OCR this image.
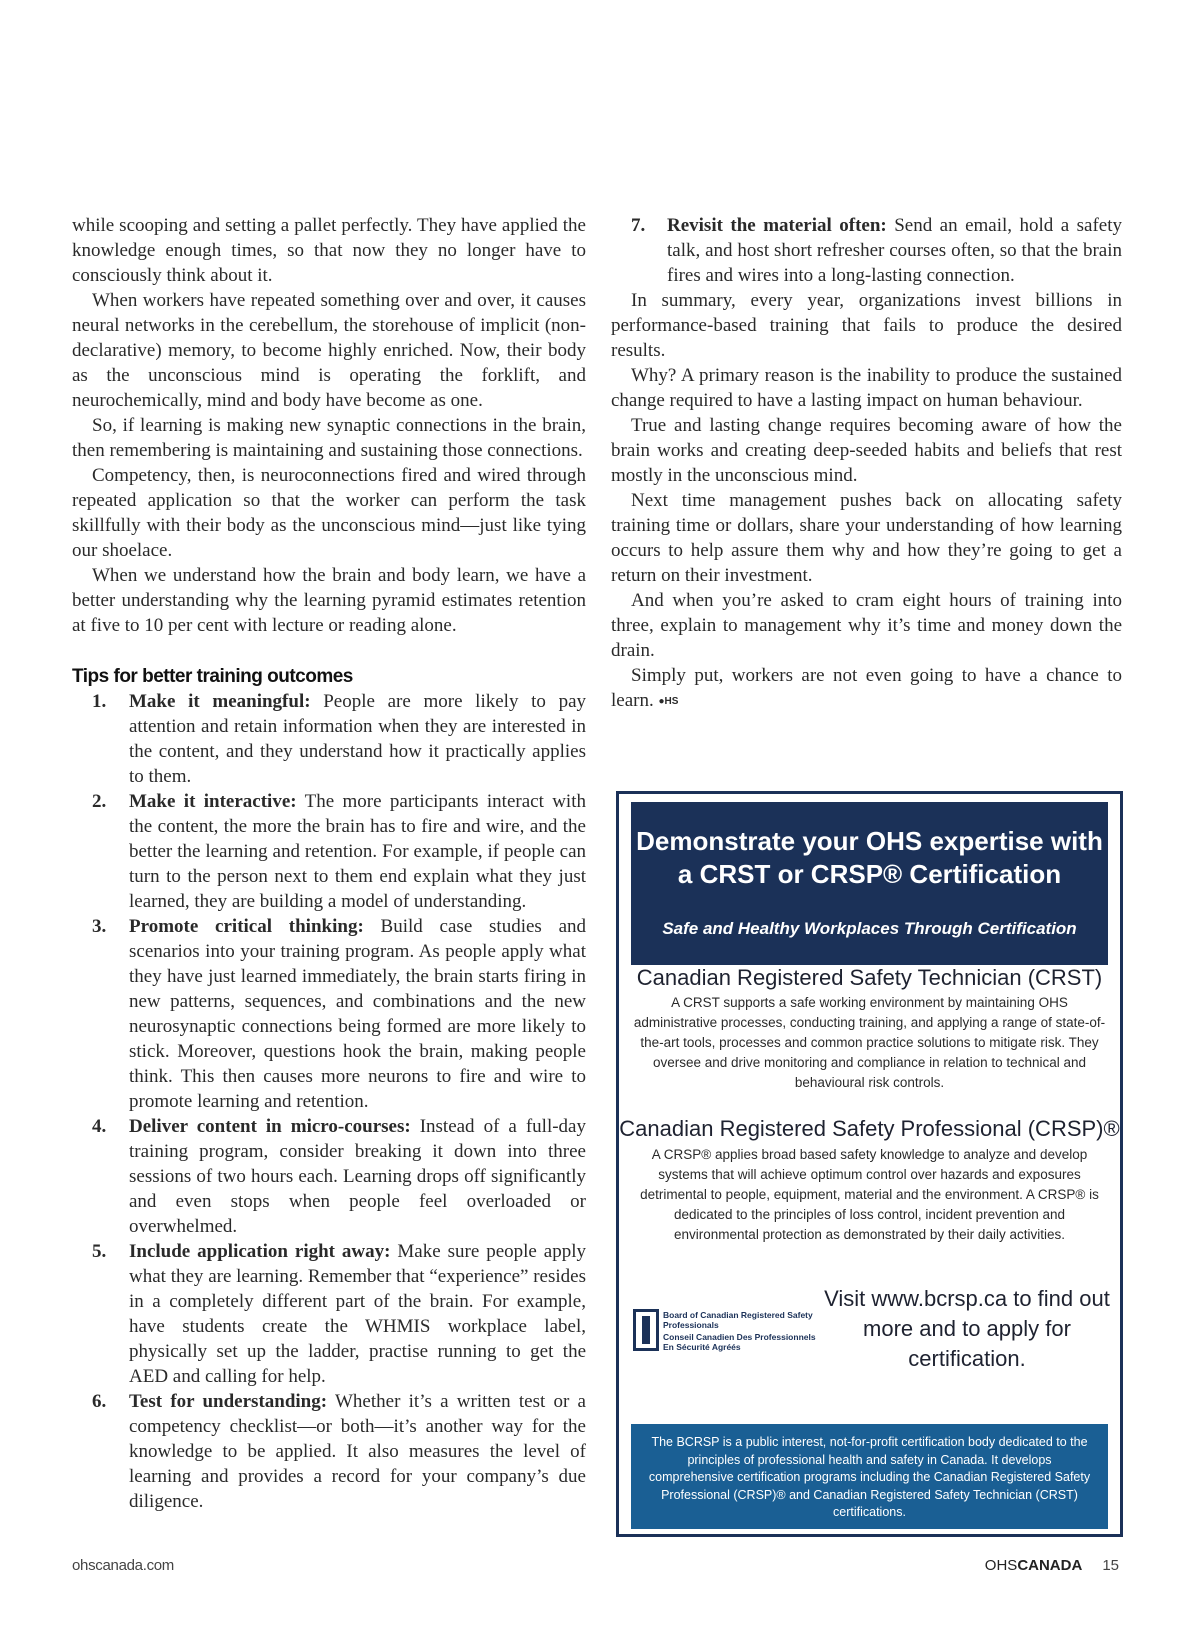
while scooping and setting a pallet perfectly. They have applied the knowledge enough times, so that now they no longer have to consciously think about it.

When workers have repeated something over and over, it causes neural networks in the cerebellum, the storehouse of implicit (non-declarative) memory, to become highly enriched. Now, their body as the unconscious mind is operating the forklift, and neurochemically, mind and body have become as one.

So, if learning is making new synaptic connections in the brain, then remembering is maintaining and sustaining those connections.

Competency, then, is neuroconnections fired and wired through repeated application so that the worker can perform the task skillfully with their body as the unconscious mind—just like tying our shoelace.

When we understand how the brain and body learn, we have a better understanding why the learning pyramid estimates retention at five to 10 per cent with lecture or reading alone.

Tips for better training outcomes
1. Make it meaningful: People are more likely to pay attention and retain information when they are interested in the content, and they understand how it practically applies to them.
2. Make it interactive: The more participants interact with the content, the more the brain has to fire and wire, and the better the learning and retention. For example, if people can turn to the person next to them end explain what they just learned, they are building a model of understanding.
3. Promote critical thinking: Build case studies and scenarios into your training program. As people apply what they have just learned immediately, the brain starts firing in new patterns, sequences, and combinations and the new neurosynaptic connections being formed are more likely to stick. Moreover, questions hook the brain, making people think. This then causes more neurons to fire and wire to promote learning and retention.
4. Deliver content in micro-courses: Instead of a full-day training program, consider breaking it down into three sessions of two hours each. Learning drops off significantly and even stops when people feel overloaded or overwhelmed.
5. Include application right away: Make sure people apply what they are learning. Remember that “experience” resides in a completely different part of the brain. For example, have students create the WHMIS workplace label, physically set up the ladder, practise running to get the AED and calling for help.
6. Test for understanding: Whether it’s a written test or a competency checklist—or both—it’s another way for the knowledge to be applied. It also measures the level of learning and provides a record for your company’s due diligence.
7. Revisit the material often: Send an email, hold a safety talk, and host short refresher courses often, so that the brain fires and wires into a long-lasting connection.

In summary, every year, organizations invest billions in performance-based training that fails to produce the desired results.

Why? A primary reason is the inability to produce the sustained change required to have a lasting impact on human behaviour.

True and lasting change requires becoming aware of how the brain works and creating deep-seeded habits and beliefs that rest mostly in the unconscious mind.

Next time management pushes back on allocating safety training time or dollars, share your understanding of how learning occurs to help assure them why and how they’re going to get a return on their investment.

And when you’re asked to cram eight hours of training into three, explain to management why it’s time and money down the drain.

Simply put, workers are not even going to have a chance to learn. ●HS

Demonstrate your OHS expertise with a CRST or CRSP® Certification
Safe and Healthy Workplaces Through Certification
Canadian Registered Safety Technician (CRST)
A CRST supports a safe working environment by maintaining OHS administrative processes, conducting training, and applying a range of state-of-the-art tools, processes and common practice solutions to mitigate risk. They oversee and drive monitoring and compliance in relation to technical and behavioural risk controls.
Canadian Registered Safety Professional (CRSP)®
A CRSP® applies broad based safety knowledge to analyze and develop systems that will achieve optimum control over hazards and exposures detrimental to people, equipment, material and the environment. A CRSP® is dedicated to the principles of loss control, incident prevention and environmental protection as demonstrated by their daily activities.
Board of Canadian Registered Safety Professionals
Conseil Canadien Des Professionnels En Sécurité Agréés
Visit www.bcrsp.ca to find out more and to apply for certification.
The BCRSP is a public interest, not-for-profit certification body dedicated to the principles of professional health and safety in Canada. It develops comprehensive certification programs including the Canadian Registered Safety Professional (CRSP)® and Canadian Registered Safety Technician (CRST) certifications.
ohscanada.com	OHSCANADA 15
